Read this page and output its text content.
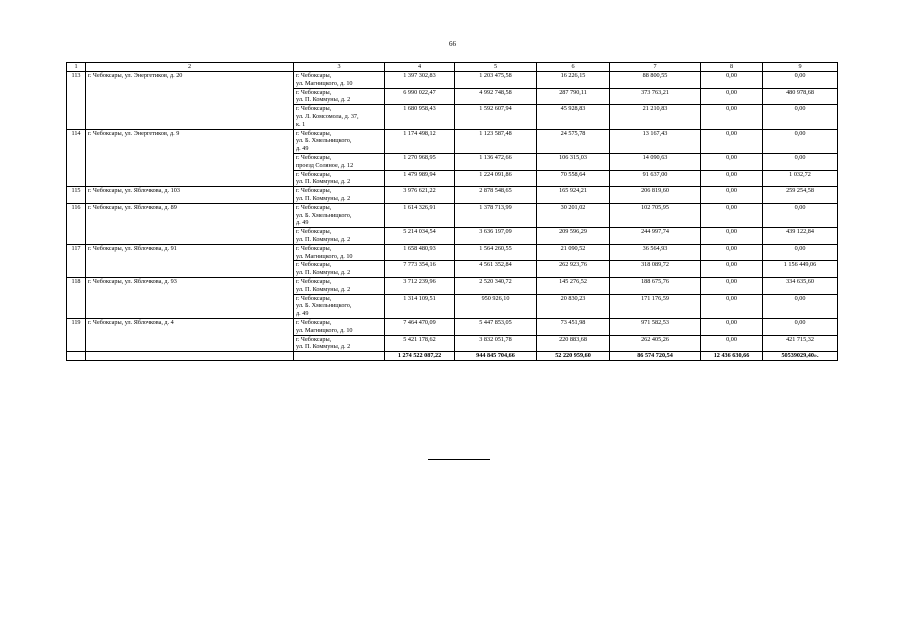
66
1	2	3	4	5	6	7	8	9
113	г. Чебоксары, ул. Энергетиков, д. 20	г. Чебоксары,
ул. Магницкого, д. 10	1 397 302,83	1 203 475,58	16 226,15	88 800,55	0,00	0,00
		г. Чебоксары,
ул. П. Коммуны, д. 2	6 990 022,47	4 992 748,58	287 790,11	373 763,21	0,00	480 978,68
		г. Чебоксары,
ул. Л. Комсомола, д. 37,
к. 1	1 680 958,43	1 592 607,94	45 928,83	21 210,83	0,00	0,00
114	г. Чебоксары, ул. Энергетиков, д. 9	г. Чебоксары,
ул. Б. Хмельницкого,
д. 49	1 174 498,12	1 123 587,48	24 575,78	13 167,43	0,00	0,00
		г. Чебоксары,
проезд Соляное, д. 12	1 270 968,95	1 136 472,66	106 315,03	14 090,63	0,00	0,00
		г. Чебоксары,
ул. П. Коммуны, д. 2	1 479 989,94	1 224 091,86	70 558,64	91 637,00	0,00	1 032,72
115	г. Чебоксары, ул. Яблочкова, д. 103	г. Чебоксары,
ул. П. Коммуны, д. 2	3 976 621,22	2 878 548,65	165 924,21	206 819,60	0,00	259 254,58
116	г. Чебоксары, ул. Яблочкова, д. 89	г. Чебоксары,
ул. Б. Хмельницкого,
д. 49	1 614 326,91	1 378 713,99	30 201,02	102 705,95	0,00	0,00
		г. Чебоксары,
ул. П. Коммуны, д. 2	5 214 034,54	3 636 197,09	209 596,29	244 997,74	0,00	439 122,84
117	г. Чебоксары, ул. Яблочкова, д. 91	г. Чебоксары,
ул. Магницкого, д. 10	1 658 480,93	1 564 260,55	21 090,52	36 564,93	0,00	0,00
		г. Чебоксары,
ул. П. Коммуны, д. 2	7 773 354,16	4 561 352,84	262 923,76	318 089,72	0,00	1 156 449,06
118	г. Чебоксары, ул. Яблочкова, д. 93	г. Чебоксары,
ул. П. Коммуны, д. 2	3 712 239,96	2 520 340,72	145 276,52	188 675,76	0,00	334 635,60
		г. Чебоксары,
ул. Б. Хмельницкого,
д. 49	1 314 109,51	950 926,10	20 830,23	171 176,59	0,00	0,00
119	г. Чебоксары, ул. Яблочкова, д. 4	г. Чебоксары,
ул. Магницкого, д. 10	7 464 470,09	5 447 853,05	73 451,98	971 582,53	0,00	0,00
		г. Чебоксары,
ул. П. Коммуны, д. 2	5 421 178,62	3 832 051,78	220 883,68	262 405,26	0,00	421 715,32
			1 274 522 087,22	944 845 704,66	52 220 959,60	86 574 720,54	12 436 630,66	50539029,40».
